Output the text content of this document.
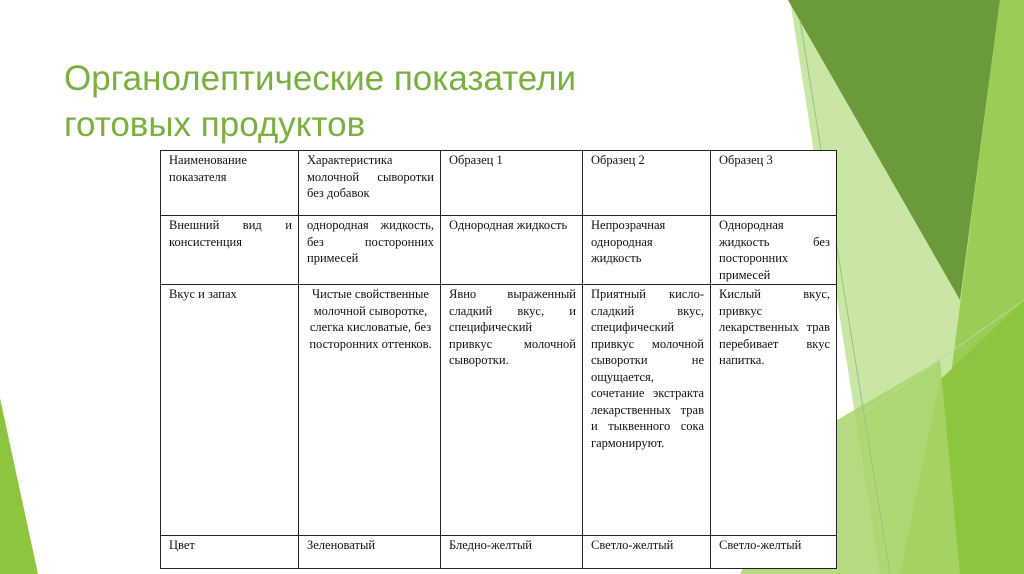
Органолептические показатели
готовых продуктов
Наименование показателя	Характеристика молочной сыворотки без добавок	Образец 1	Образец 2	Образец 3
Внешний вид и консистенция	однородная жидкость, без посторонних примесей	Однородная жидкость	Непрозрачная однородная жидкость	Однородная жидкость без посторонних примесей
Вкус и запах	Чистые свойственные молочной сыворотке, слегка кисловатые, без посторонних оттенков.	Явно выраженный сладкий вкус, и специфический привкус молочной сыворотки.	Приятный кисло-сладкий вкус, специфический привкус молочной сыворотки не ощущается, сочетание экстракта лекарственных трав и тыквенного сока гармонируют.	Кислый вкус, привкус лекарственных трав перебивает вкус напитка.
Цвет	Зеленоватый	Бледно-желтый	Светло-желтый	Светло-желтый
